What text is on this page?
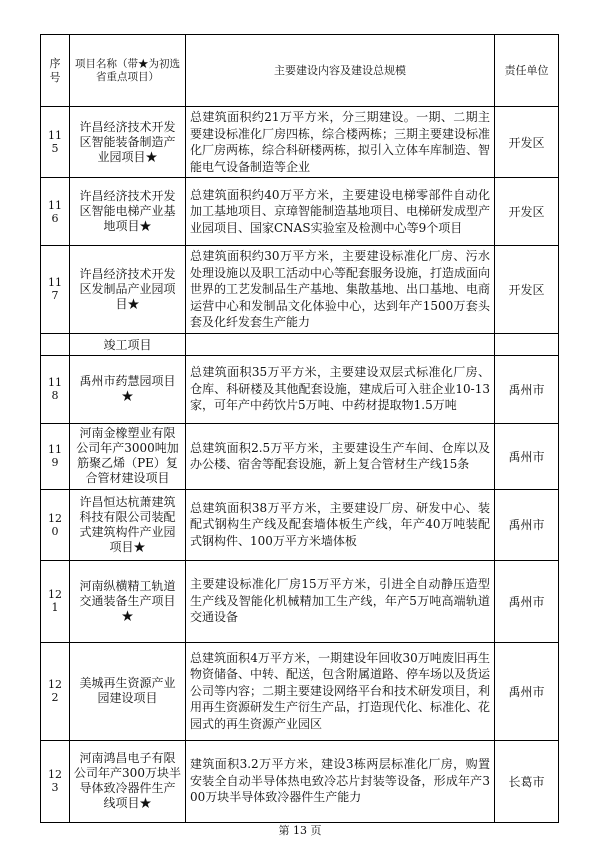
序号	项目名称（带★为初选省重点项目）	主要建设内容及建设总规模	责任单位
115	许昌经济技术开发区智能装备制造产业园项目★	总建筑面积约21万平方米，分三期建设。一期、二期主要建设标准化厂房四栋，综合楼两栋；三期主要建设标准化厂房两栋，综合科研楼两栋，拟引入立体车库制造、智能电气设备制造等企业	开发区
116	许昌经济技术开发区智能电梯产业基地项目★	总建筑面积约40万平方米，主要建设电梯零部件自动化加工基地项目、京璋智能制造基地项目、电梯研发成型产业园项目、国家CNAS实验室及检测中心等9个项目	开发区
117	许昌经济技术开发区发制品产业园项目★	总建筑面积约30万平方米，主要建设标准化厂房、污水处理设施以及职工活动中心等配套服务设施，打造成面向世界的工艺发制品生产基地、集散基地、出口基地、电商运营中心和发制品文化体验中心，达到年产1500万套头套及化纤发套生产能力	开发区
	竣工项目		
118	禹州市药慧园项目★	总建筑面积35万平方米，主要建设双层式标准化厂房、仓库、科研楼及其他配套设施，建成后可入驻企业10-13家，可年产中药饮片5万吨、中药材提取物1.5万吨	禹州市
119	河南金橡塑业有限公司年产3000吨加筋聚乙烯（PE）复合管材建设项目	总建筑面积2.5万平方米，主要建设生产车间、仓库以及办公楼、宿舍等配套设施，新上复合管材生产线15条	禹州市
120	许昌恒达杭萧建筑科技有限公司装配式建筑构件产业园项目★	总建筑面积38万平方米，主要建设厂房、研发中心、装配式钢构生产线及配套墙体板生产线，年产40万吨装配式钢构件、100万平方米墙体板	禹州市
121	河南纵横精工轨道交通装备生产项目★	主要建设标准化厂房15万平方米，引进全自动静压造型生产线及智能化机械精加工生产线，年产5万吨高端轨道交通设备	禹州市
122	美城再生资源产业园建设项目	总建筑面积4万平方米，一期建设年回收30万吨废旧再生物资储备、中转、配送，包含附属道路、停车场以及货运公司等内容；二期主要建设网络平台和技术研发项目，利用再生资源研发生产衍生产品，打造现代化、标准化、花园式的再生资源产业园区	禹州市
123	河南鸿昌电子有限公司年产300万块半导体致冷器件生产线项目★	建筑面积3.2万平方米，建设3栋两层标准化厂房，购置安装全自动半导体热电致冷芯片封装等设备，形成年产300万块半导体致冷器件生产能力	长葛市
第 13 页
